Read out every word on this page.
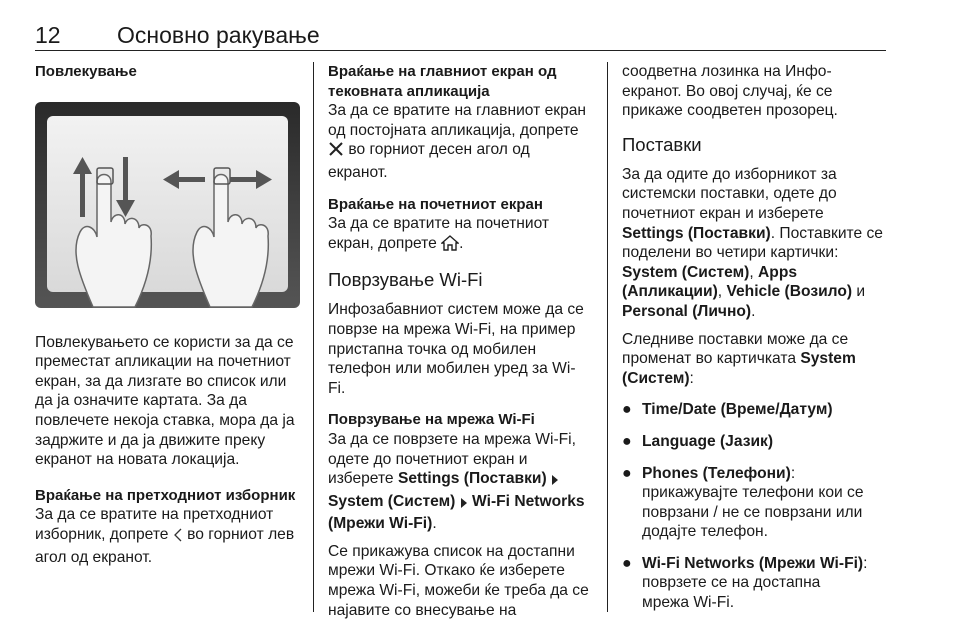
12 Основно ракување
Повлекување
Повлекувањето се користи за да се
преместат апликации на почетниот
екран, за да лизгате во список или
да ја означите картата. За да
повлечете некоја ставка, мора да ја
задржите и да ја движите преку
екранот на новата локација.
Враќање на претходниот изборник
За да се вратите на претходниот
изборник, допрете во горниот лев
агол од екранот.
Враќање на главниот екран од
тековната апликација
За да се вратите на главниот екран
од постојната апликација, допрете
во горниот десен агол од
екранот.
Враќање на почетниот екран
За да се вратите на почетниот
екран, допрете .
Поврзување Wi-Fi
Инфозабавниот систем може да се
поврзе на мрежа Wi-Fi, на пример
пристапна точка од мобилен
телефон или мобилен уред за Wi-
Fi.
Поврзување на мрежа Wi-Fi
За да се поврзете на мрежа Wi-Fi,
одете до почетниот екран и
изберете Settings (Поставки)
System (Систем) Wi-Fi Networks
(Мрежи Wi-Fi).
Се прикажува список на достапни
мрежи Wi-Fi. Откако ќе изберете
мрежа Wi-Fi, можеби ќе треба да се
најавите со внесување на
соодветна лозинка на Инфо-
екранот. Во овој случај, ќе се
прикаже соодветен прозорец.
Поставки
За да одите до изборникот за
системски поставки, одете до
почетниот екран и изберете
Settings (Поставки). Поставките се
поделени во четири картички:
System (Систем), Apps
(Апликации), Vehicle (Возило) и
Personal (Лично).
Следниве поставки може да се
променат во картичката System
(Систем):
● Time/Date (Време/Датум)
● Language (Јазик)
● Phones (Телефони):
прикажувајте телефони кои се
поврзани / не се поврзани или
додајте телефон.
● Wi-Fi Networks (Мрежи Wi-Fi):
поврзете се на достапна
мрежа Wi-Fi.
